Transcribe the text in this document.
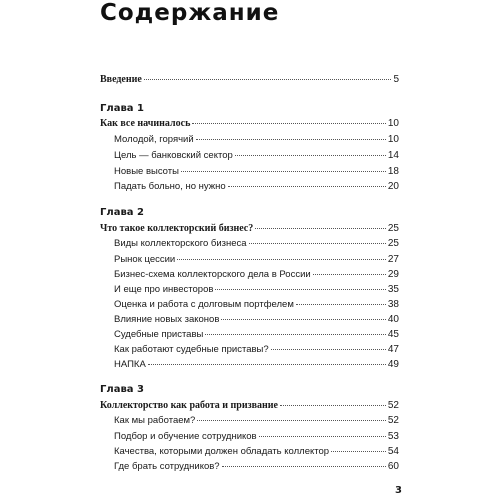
Содержание
Введение	5
Глава 1
Как все начиналось	10
Молодой, горячий	10
Цель — банковский сектор	14
Новые высоты	18
Падать больно, но нужно	20
Глава 2
Что такое коллекторский бизнес?	25
Виды коллекторского бизнеса	25
Рынок цессии	27
Бизнес-схема коллекторского дела в России	29
И еще про инвесторов	35
Оценка и работа с долговым портфелем	38
Влияние новых законов	40
Судебные приставы	45
Как работают судебные приставы?	47
НАПКА	49
Глава 3
Коллекторство как работа и призвание	52
Как мы работаем?	52
Подбор и обучение сотрудников	53
Качества, которыми должен обладать коллектор	54
Где брать сотрудников?	60
3
